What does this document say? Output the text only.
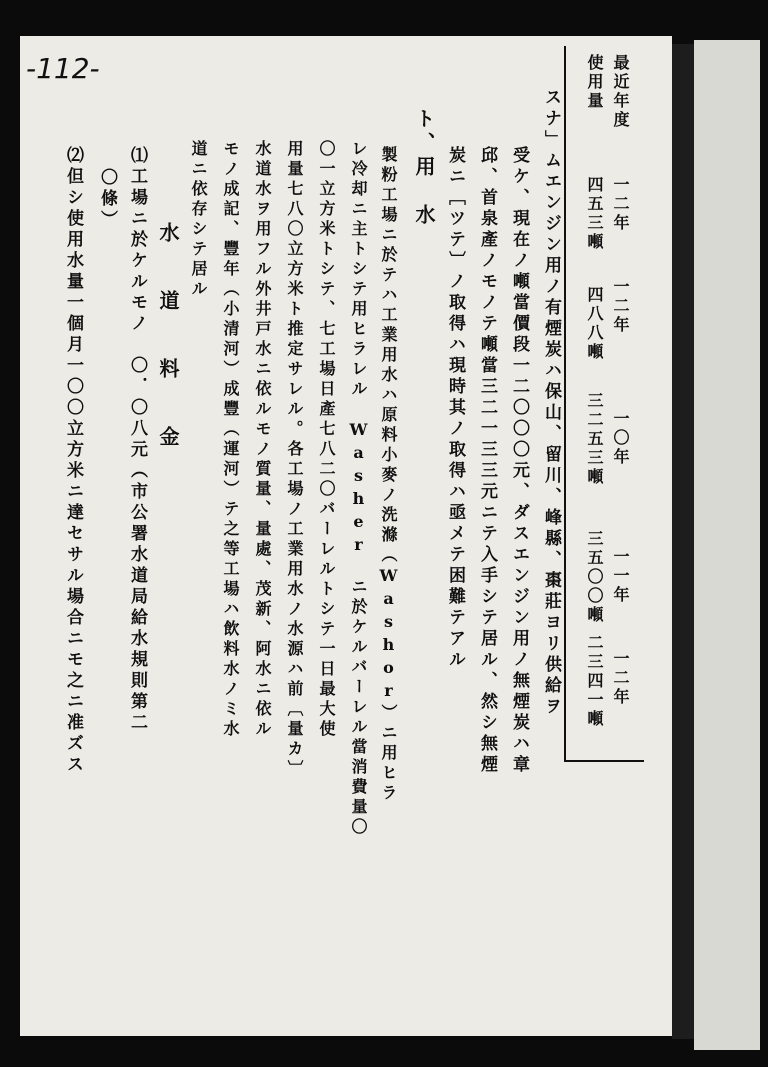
-112-	最近年度
使用量
一二年
四五三噸
一二年
四八八噸
一〇年
三二五三噸
一一年
三五〇〇噸
一二年
二三四一噸
スナ」ムエンジン用ノ有煙炭ハ保山、留川、峰縣、棗莊ヨリ供給ヲ
受ケ、現在ノ噸當價段一二〇〇〇元、ダスエンジン用ノ無煙炭ハ章
邱、首泉產ノモノテ噸當三二一三三元ニテ入手シテ居ル、然シ無煙
炭ニ［ツテ〕ノ取得ハ現時其ノ取得ハ亟メテ困難テアル
ト、用　水
製粉工場ニ於テハ工業用水ハ原料小麥ノ洗滌（Washor）ニ用ヒラ
レ冷却ニ主トシテ用ヒラレル　Washer　ニ於ケルバーレル當消費量〇
〇一立方米トシテ、七工場日產七八二〇バーレルトシテ一日最大使
用量七八〇立方米ト推定サレル。各工場ノ工業用水ノ水源ハ前〔量カ〕
水道水ヲ用フル外井戸水ニ依ルモノ質量、量處、茂新、阿水ニ依ル
モノ成記、豐年（小清河）成豐（運河）テ之等工場ハ飲料水ノミ水
道ニ依存シテ居ル
水　道　料　金
⑴工場ニ於ケルモノ　〇．〇八元（市公署水道局給水規則第二
〇條）
⑵但シ使用水量一個月一〇〇立方米ニ達セサル場合ニモ之ニ准ズス
